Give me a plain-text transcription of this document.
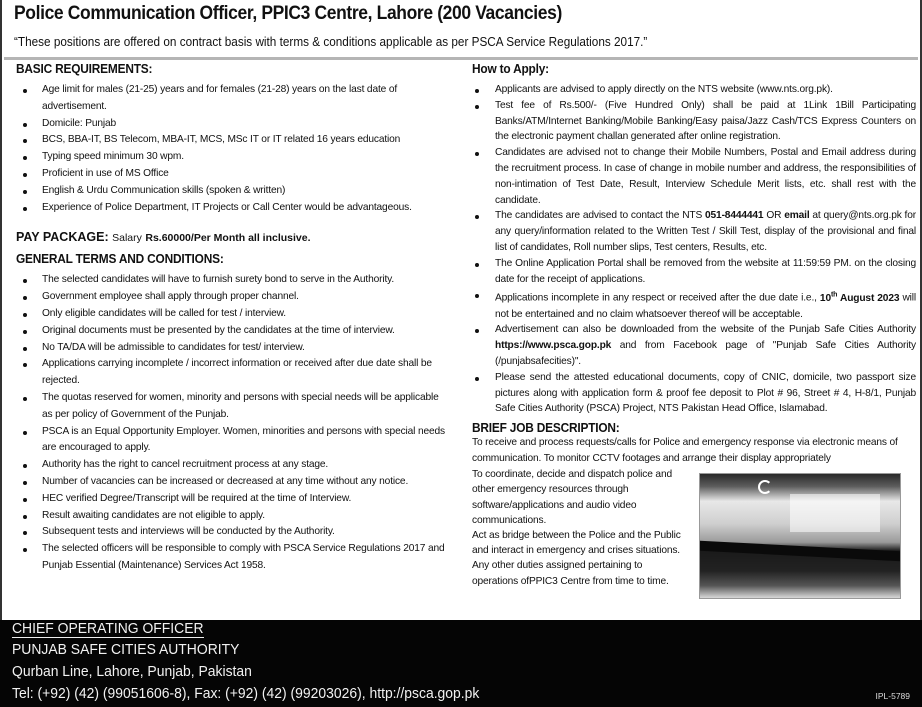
Police Communication Officer, PPIC3 Centre, Lahore (200 Vacancies)
“These positions are offered on contract basis with terms & conditions applicable as per PSCA Service Regulations 2017.”
BASIC REQUIREMENTS:
Age limit for males (21-25) years and for females (21-28) years on the last date of advertisement.
Domicile: Punjab
BCS, BBA-IT, BS Telecom, MBA-IT, MCS, MSc IT or IT related 16 years education
Typing speed minimum 30 wpm.
Proficient in use of MS Office
English & Urdu Communication skills (spoken & written)
Experience of Police Department, IT Projects or Call Center would be advantageous.
PAY PACKAGE: Salary Rs.60000/Per Month all inclusive.
GENERAL TERMS AND CONDITIONS:
The selected candidates will have to furnish surety bond to serve in the Authority.
Government employee shall apply through proper channel.
Only eligible candidates will be called for test / interview.
Original documents must be presented by the candidates at the time of interview.
No TA/DA will be admissible to candidates for test/ interview.
Applications carrying incomplete / incorrect information or received after due date shall be rejected.
The quotas reserved for women, minority and persons with special needs will be applicable as per policy of Government of the Punjab.
PSCA is an Equal Opportunity Employer. Women, minorities and persons with special needs are encouraged to apply.
Authority has the right to cancel recruitment process at any stage.
Number of vacancies can be increased or decreased at any time without any notice.
HEC verified Degree/Transcript will be required at the time of Interview.
Result awaiting candidates are not eligible to apply.
Subsequent tests and interviews will be conducted by the Authority.
The selected officers will be responsible to comply with PSCA Service Regulations 2017 and Punjab Essential (Maintenance) Services Act 1958.
How to Apply:
Applicants are advised to apply directly on the NTS website (www.nts.org.pk).
Test fee of Rs.500/- (Five Hundred Only) shall be paid at 1Link 1Bill Participating Banks/ATM/Internet Banking/Mobile Banking/Easy paisa/Jazz Cash/TCS Express Counters on the electronic payment challan generated after online registration.
Candidates are advised not to change their Mobile Numbers, Postal and Email address during the recruitment process. In case of change in mobile number and address, the responsibilities of non-intimation of Test Date, Result, Interview Schedule Merit lists, etc. shall rest with the candidate.
The candidates are advised to contact the NTS 051-8444441 OR email at query@nts.org.pk for any query/information related to the Written Test / Skill Test, display of the provisional and final list of candidates, Roll number slips, Test centers, Results, etc.
The Online Application Portal shall be removed from the website at 11:59:59 PM. on the closing date for the receipt of applications.
Applications incomplete in any respect or received after the due date i.e., 10th August 2023 will not be entertained and no claim whatsoever thereof will be acceptable.
Advertisement can also be downloaded from the website of the Punjab Safe Cities Authority https://www.psca.gop.pk and from Facebook page of "Punjab Safe Cities Authority (/punjabsafecities)".
Please send the attested educational documents, copy of CNIC, domicile, two passport size pictures along with application form & proof fee deposit to Plot # 96, Street # 4, H-8/1, Punjab Safe Cities Authority (PSCA) Project, NTS Pakistan Head Office, Islamabad.
BRIEF JOB DESCRIPTION:
To receive and process requests/calls for Police and emergency response via electronic means of communication. To monitor CCTV footages and arrange their display appropriately
To coordinate, decide and dispatch police and other emergency resources through software/applications and audio video communications.
Act as bridge between the Police and the Public and interact in emergency and crises situations.
Any other duties assigned pertaining to operations ofPPIC3 Centre from time to time.
CHIEF OPERATING OFFICER
PUNJAB SAFE CITIES AUTHORITY
Qurban Line, Lahore, Punjab, Pakistan
Tel: (+92) (42) (99051606-8), Fax: (+92) (42) (99203026), http://psca.gop.pk	IPL-5789
